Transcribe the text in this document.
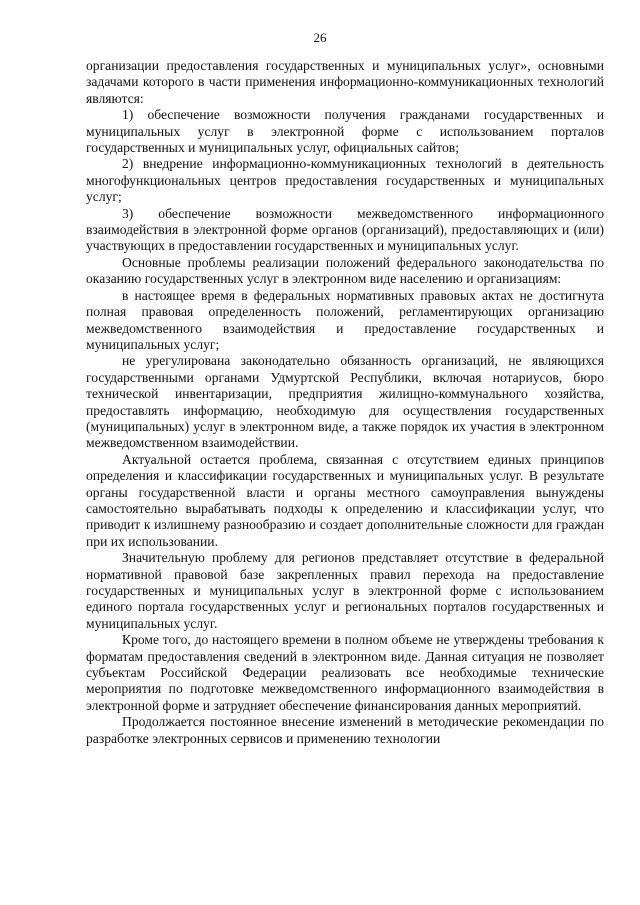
26

организации предоставления государственных и муниципальных услуг», основными задачами которого в части применения информационно-коммуникационных технологий являются:

1) обеспечение возможности получения гражданами государственных и муниципальных услуг в электронной форме с использованием порталов государственных и муниципальных услуг, официальных сайтов;

2) внедрение информационно-коммуникационных технологий в деятельность многофункциональных центров предоставления государственных и муниципальных услуг;

3) обеспечение возможности межведомственного информационного взаимодействия в электронной форме органов (организаций), предоставляющих и (или) участвующих в предоставлении государственных и муниципальных услуг.

Основные проблемы реализации положений федерального законодательства по оказанию государственных услуг в электронном виде населению и организациям:

в настоящее время в федеральных нормативных правовых актах не достигнута полная правовая определенность положений, регламентирующих организацию межведомственного взаимодействия и предоставление государственных и муниципальных услуг;

не урегулирована законодательно обязанность организаций, не являющихся государственными органами Удмуртской Республики, включая нотариусов, бюро технической инвентаризации, предприятия жилищно-коммунального хозяйства, предоставлять информацию, необходимую для осуществления государственных (муниципальных) услуг в электронном виде, а также порядок их участия в электронном межведомственном взаимодействии.

Актуальной остается проблема, связанная с отсутствием единых принципов определения и классификации государственных и муниципальных услуг. В результате органы государственной власти и органы местного самоуправления вынуждены самостоятельно вырабатывать подходы к определению и классификации услуг, что приводит к излишнему разнообразию и создает дополнительные сложности для граждан при их использовании.

Значительную проблему для регионов представляет отсутствие в федеральной нормативной правовой базе закрепленных правил перехода на предоставление государственных и муниципальных услуг в электронной форме с использованием единого портала государственных услуг и региональных порталов государственных и муниципальных услуг.

Кроме того, до настоящего времени в полном объеме не утверждены требования к форматам предоставления сведений в электронном виде. Данная ситуация не позволяет субъектам Российской Федерации реализовать все необходимые технические мероприятия по подготовке межведомственного информационного взаимодействия в электронной форме и затрудняет обеспечение финансирования данных мероприятий.

Продолжается постоянное внесение изменений в методические рекомендации по разработке электронных сервисов и применению технологии
